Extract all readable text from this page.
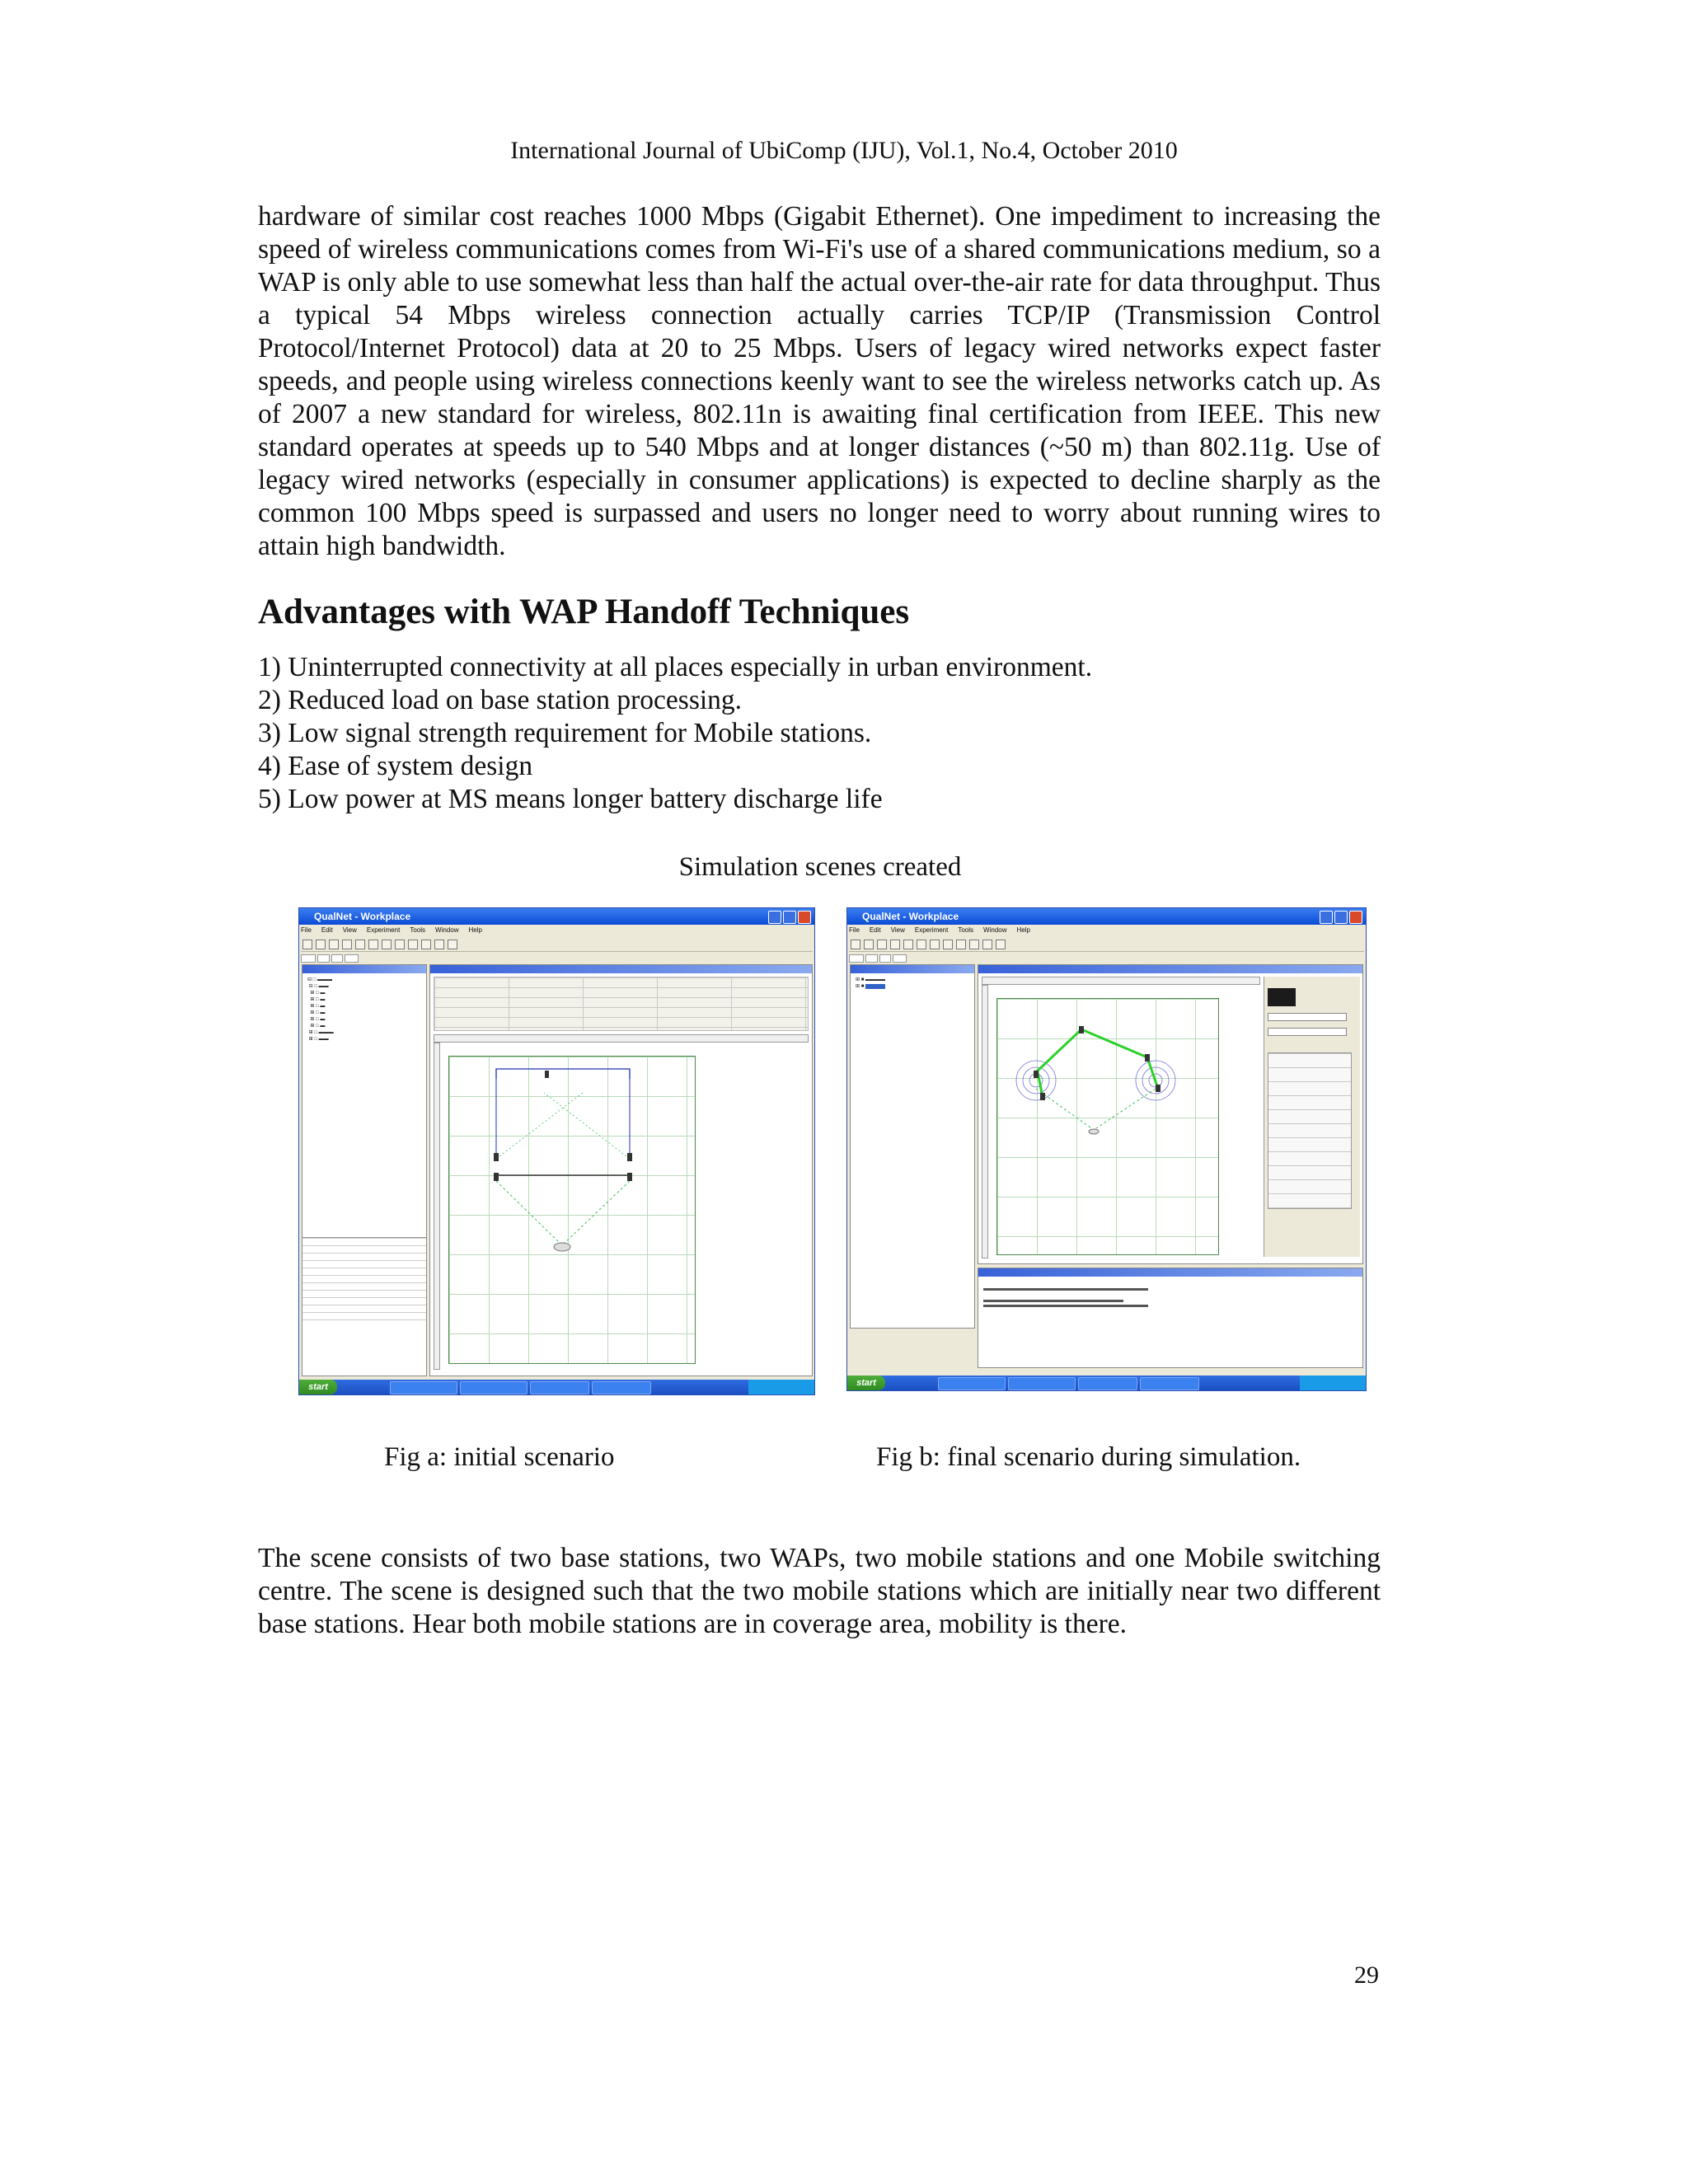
International Journal of UbiComp (IJU), Vol.1, No.4, October 2010

hardware of similar cost reaches 1000 Mbps (Gigabit Ethernet). One impediment to increasing the speed of wireless communications comes from Wi-Fi's use of a shared communications medium, so a WAP is only able to use somewhat less than half the actual over-the-air rate for data throughput. Thus a typical 54 Mbps wireless connection actually carries TCP/IP (Transmission Control Protocol/Internet Protocol) data at 20 to 25 Mbps. Users of legacy wired networks expect faster speeds, and people using wireless connections keenly want to see the wireless networks catch up. As of 2007 a new standard for wireless, 802.11n is awaiting final certification from IEEE. This new standard operates at speeds up to 540 Mbps and at longer distances (~50 m) than 802.11g. Use of legacy wired networks (especially in consumer applications) is expected to decline sharply as the common 100 Mbps speed is surpassed and users no longer need to worry about running wires to attain high bandwidth.

Advantages with WAP Handoff Techniques
1) Uninterrupted connectivity at all places especially in urban environment.
2) Reduced load on base station processing.
3) Low signal strength requirement for Mobile stations.
4) Ease of system design
5) Low power at MS means longer battery discharge life
Simulation scenes created
QualNet - Workplace
File Edit View Experiment Tools Window Help

⊟ □ ▬▬▬
⊟ □ ▬▬
⊞ □ ▬
⊞ □ ▬
⊞ □ ▬
⊞ □ ▬
⊞ □ ▬
⊞ □ ▬
⊞ □ ▬▬▬
⊞ □ ▬▬
start
QualNet - Workplace
File Edit View Experiment Tools Window Help

⊞ ■ ▬▬▬▬
⊞ ■ ▬▬▬▬
start
Fig a: initial scenario	Fig b: final scenario during simulation.

The scene consists of two base stations, two WAPs, two mobile stations and one Mobile switching centre. The scene is designed such that the two mobile stations which are initially near two different base stations. Hear both mobile stations are in coverage area, mobility is there.

29
